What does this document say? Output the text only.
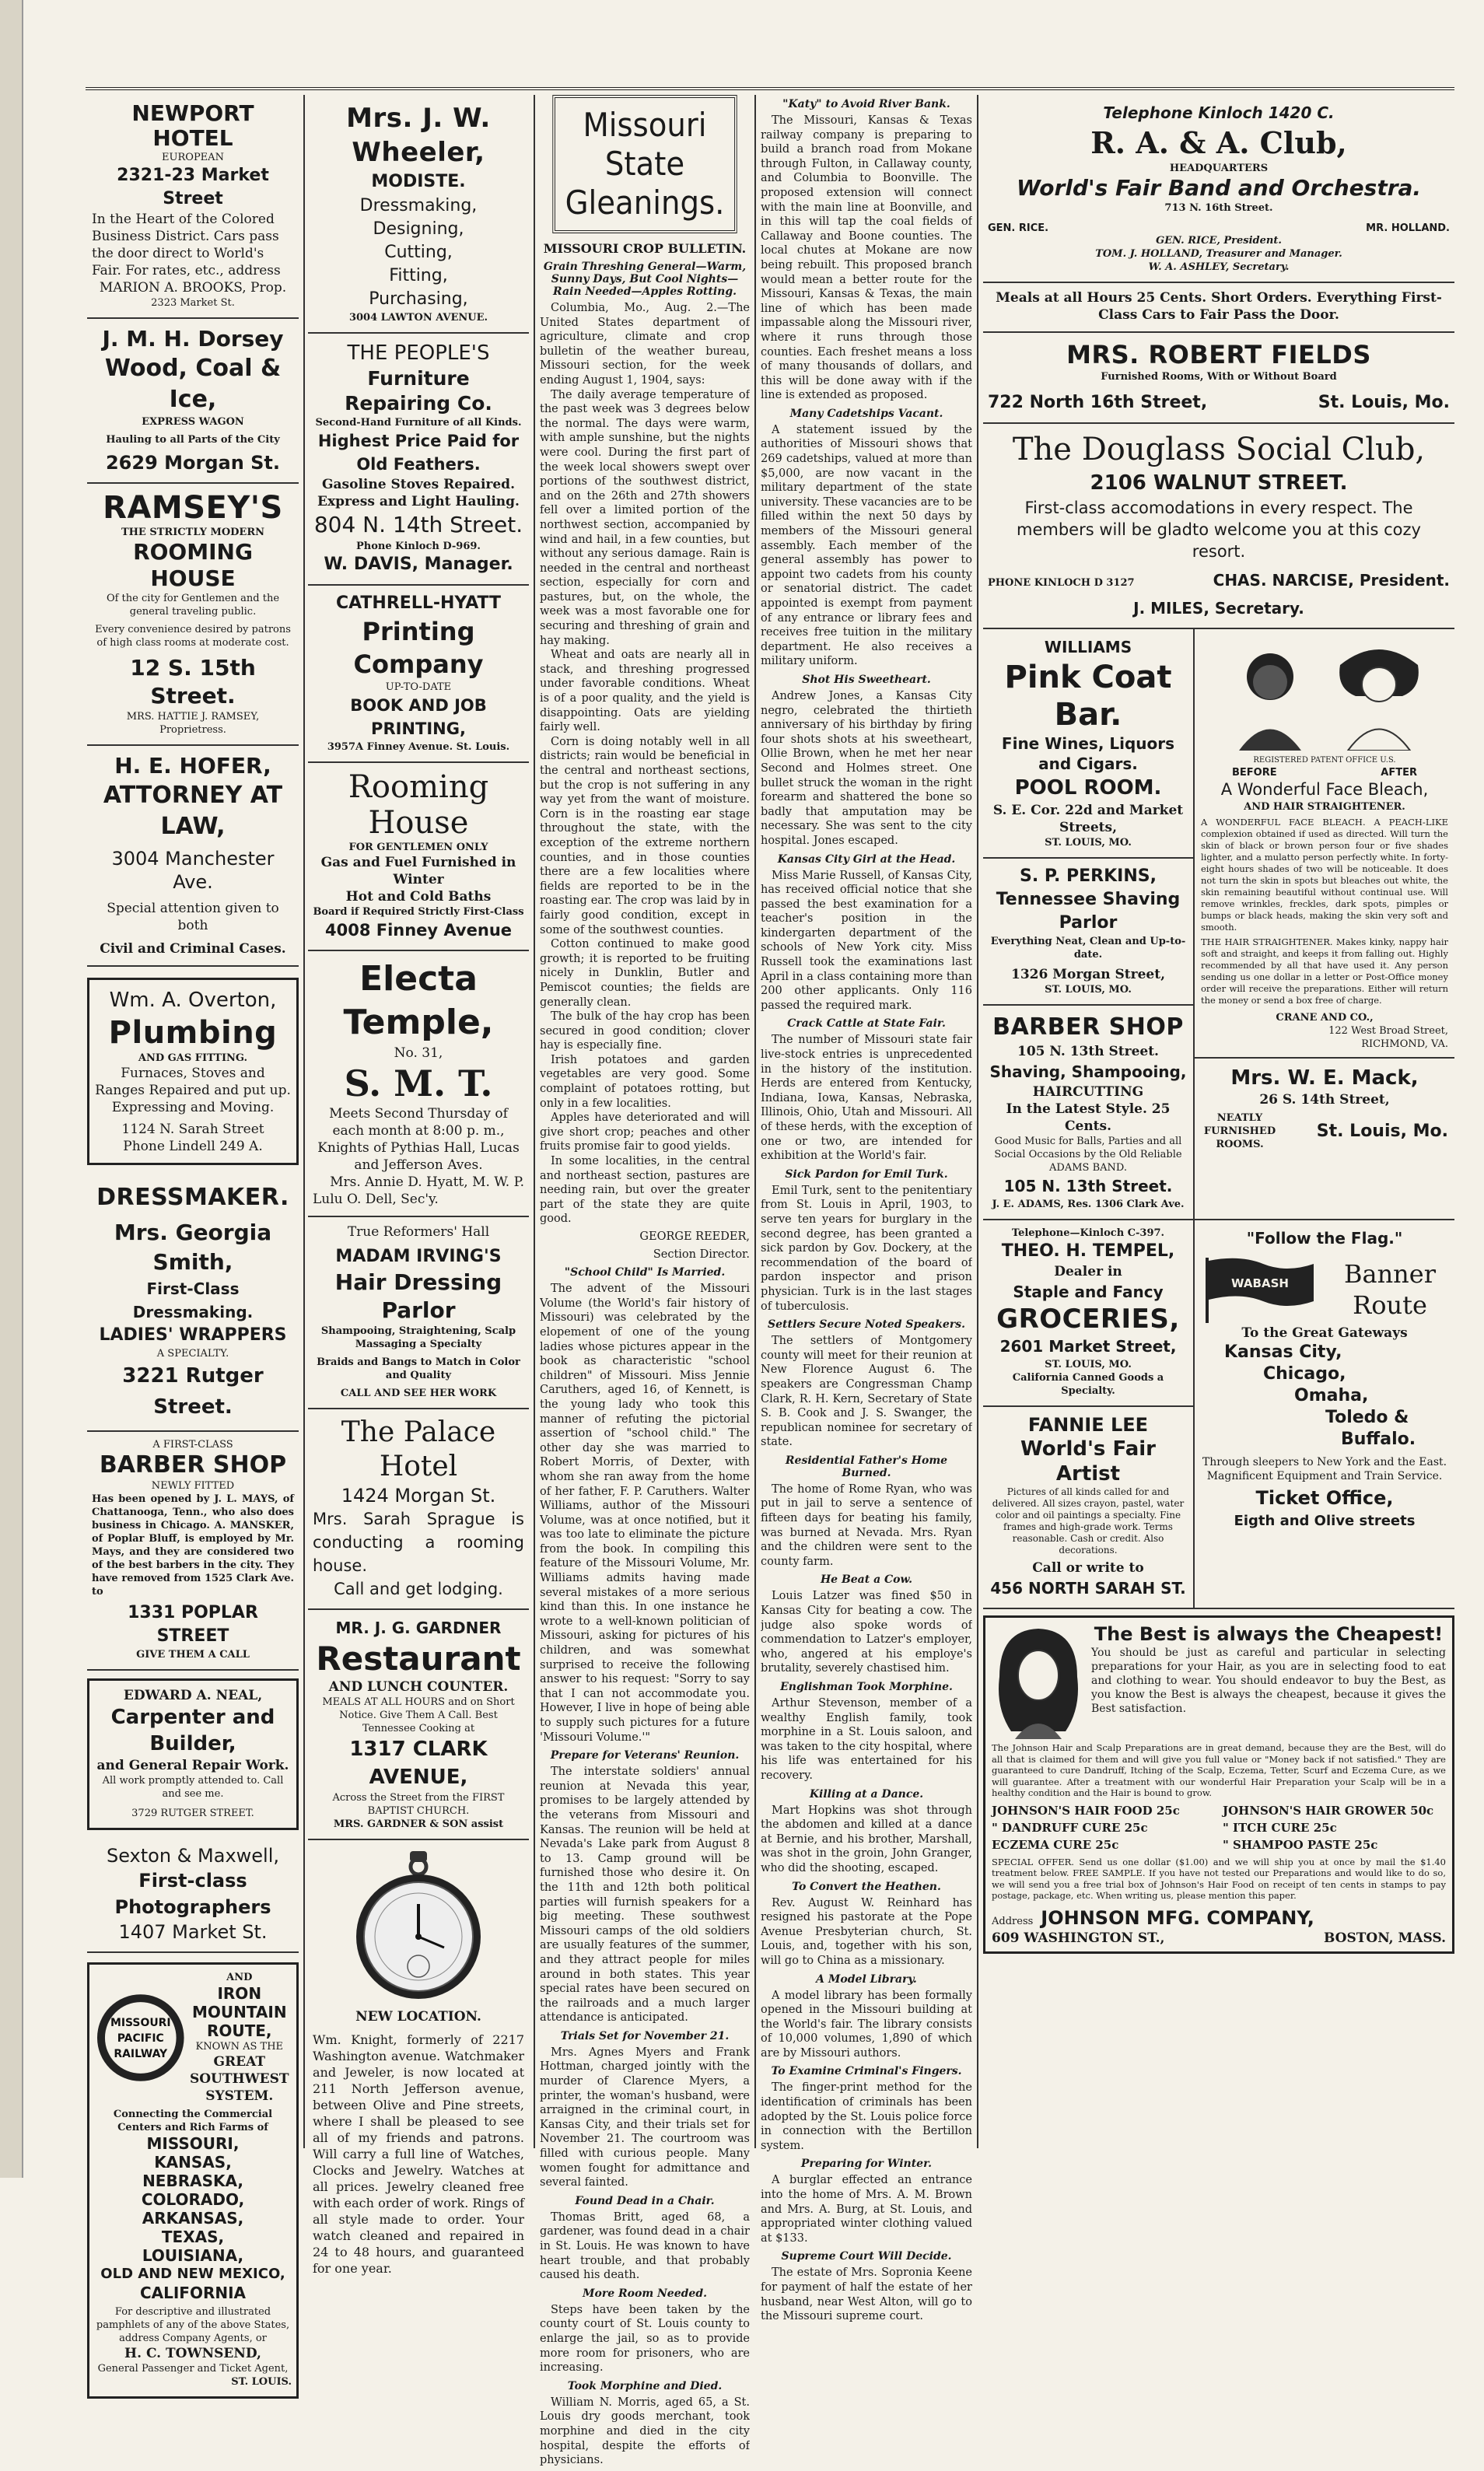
NEWPORT HOTEL
EUROPEAN
2321-23 Market Street
In the Heart of the Colored Business District. Cars pass the door direct to World's Fair. For rates, etc., address
MARION A. BROOKS, Prop.
2323 Market St.
J. M. H. Dorsey
Wood, Coal & Ice,
EXPRESS WAGON
Hauling to all Parts of the City
2629 Morgan St.
RAMSEY'S
THE STRICTLY MODERN
ROOMING HOUSE
Of the city for Gentlemen and the general traveling public.
Every convenience desired by patrons of high class rooms at moderate cost.
12 S. 15th Street.
MRS. HATTIE J. RAMSEY, Proprietress.
H. E. HOFER,
ATTORNEY AT LAW,
3004 Manchester Ave.
Special attention given to both
Civil and Criminal Cases.
Wm. A. Overton,
Plumbing
AND GAS FITTING.
Furnaces, Stoves and Ranges Repaired and put up. Expressing and Moving.
1124 N. Sarah Street
Phone Lindell 249 A.
DRESSMAKER.
Mrs. Georgia Smith,
First-Class Dressmaking.
LADIES' WRAPPERS
A SPECIALTY.
3221 Rutger Street.
A FIRST-CLASS
BARBER SHOP
NEWLY FITTED
Has been opened by J. L. MAYS, of Chattanooga, Tenn., who also does business in Chicago. A. MANSKER, of Poplar Bluff, is employed by Mr. Mays, and they are considered two of the best barbers in the city. They have removed from 1525 Clark Ave. to
1331 POPLAR STREET
GIVE THEM A CALL
EDWARD A. NEAL,
Carpenter and Builder,
and General Repair Work.
All work promptly attended to. Call and see me.
3729 RUTGER STREET.
Sexton & Maxwell,
First-class Photographers
1407 Market St.
MISSOURI
PACIFIC
RAILWAY
AND
IRON MOUNTAIN ROUTE,
KNOWN AS THE
GREAT SOUTHWEST SYSTEM.
Connecting the Commercial Centers and Rich Farms of
MISSOURI,
KANSAS,
NEBRASKA,
COLORADO,
ARKANSAS,
TEXAS,
LOUISIANA,
OLD AND NEW MEXICO,
CALIFORNIA
For descriptive and illustrated pamphlets of any of the above States, address Company Agents, or
H. C. TOWNSEND,
General Passenger and Ticket Agent,
ST. LOUIS.
Mrs. J. W. Wheeler,
MODISTE.
Dressmaking,
Designing,
Cutting,
Fitting,
Purchasing,
3004 LAWTON AVENUE.
THE PEOPLE'S
Furniture Repairing Co.
Second-Hand Furniture of all Kinds.
Highest Price Paid for Old Feathers.
Gasoline Stoves Repaired.
Express and Light Hauling.
804 N. 14th Street.
Phone Kinloch D-969.
W. DAVIS, Manager.
CATHRELL-HYATT
Printing Company
UP-TO-DATE
BOOK AND JOB PRINTING,
3957A Finney Avenue. St. Louis.
Rooming House
FOR GENTLEMEN ONLY
Gas and Fuel Furnished in Winter
Hot and Cold Baths
Board if Required Strictly First-Class
4008 Finney Avenue
Electa Temple,
No. 31,
S. M. T.
Meets Second Thursday of each month at 8:00 p. m., Knights of Pythias Hall, Lucas and Jefferson Aves.
Mrs. Annie D. Hyatt, M. W. P.
Lulu O. Dell, Sec'y.
True Reformers' Hall
MADAM IRVING'S
Hair Dressing Parlor
Shampooing, Straightening, Scalp Massaging a Specialty
Braids and Bangs to Match in Color and Quality
CALL AND SEE HER WORK
The Palace Hotel
1424 Morgan St.
Mrs. Sarah Sprague is conducting a rooming house.
Call and get lodging.
MR. J. G. GARDNER
Restaurant
AND LUNCH COUNTER.
MEALS AT ALL HOURS and on Short Notice. Give Them A Call. Best Tennessee Cooking at
1317 CLARK AVENUE,
Across the Street from the FIRST BAPTIST CHURCH.
MRS. GARDNER & SON assist
NEW LOCATION.
Wm. Knight, formerly of 2217 Washington avenue. Watchmaker and Jeweler, is now located at 211 North Jefferson avenue, between Olive and Pine streets, where I shall be pleased to see all of my friends and patrons. Will carry a full line of Watches, Clocks and Jewelry. Watches at all prices. Jewelry cleaned free with each order of work. Rings of all style made to order. Your watch cleaned and repaired in 24 to 48 hours, and guaranteed for one year.
Missouri State Gleanings.
MISSOURI CROP BULLETIN.
Grain Threshing General—Warm, Sunny Days, But Cool Nights—Rain Needed—Apples Rotting.

Columbia, Mo., Aug. 2.—The United States department of agriculture, climate and crop bulletin of the weather bureau, Missouri section, for the week ending August 1, 1904, says:

The daily average temperature of the past week was 3 degrees below the normal. The days were warm, with ample sunshine, but the nights were cool. During the first part of the week local showers swept over portions of the southwest district, and on the 26th and 27th showers fell over a limited portion of the northwest section, accompanied by wind and hail, in a few counties, but without any serious damage. Rain is needed in the central and northeast section, especially for corn and pastures, but, on the whole, the week was a most favorable one for securing and threshing of grain and hay making.

Wheat and oats are nearly all in stack, and threshing progressed under favorable conditions. Wheat is of a poor quality, and the yield is disappointing. Oats are yielding fairly well.

Corn is doing notably well in all districts; rain would be beneficial in the central and northeast sections, but the crop is not suffering in any way yet from the want of moisture. Corn is in the roasting ear stage throughout the state, with the exception of the extreme northern counties, and in those counties there are a few localities where fields are reported to be in the roasting ear. The crop was laid by in fairly good condition, except in some of the southwest counties.

Cotton continued to make good growth; it is reported to be fruiting nicely in Dunklin, Butler and Pemiscot counties; the fields are generally clean.

The bulk of the hay crop has been secured in good condition; clover hay is especially fine.

Irish potatoes and garden vegetables are very good. Some complaint of potatoes rotting, but only in a few localities.

Apples have deteriorated and will give short crop; peaches and other fruits promise fair to good yields.

In some localities, in the central and northeast section, pastures are needing rain, but over the greater part of the state they are quite good.

GEORGE REEDER,
Section Director.
"School Child" Is Married.

The advent of the Missouri Volume (the World's fair history of Missouri) was celebrated by the elopement of one of the young ladies whose pictures appear in the book as characteristic "school children" of Missouri. Miss Jennie Caruthers, aged 16, of Kennett, is the young lady who took this manner of refuting the pictorial assertion of "school child." The other day she was married to Robert Morris, of Dexter, with whom she ran away from the home of her father, F. P. Caruthers. Walter Williams, author of the Missouri Volume, was at once notified, but it was too late to eliminate the picture from the book. In compiling this feature of the Missouri Volume, Mr. Williams admits having made several mistakes of a more serious kind than this. In one instance he wrote to a well-known politician of Missouri, asking for pictures of his children, and was somewhat surprised to receive the following answer to his request: "Sorry to say that I can not accommodate you. However, I live in hope of being able to supply such pictures for a future 'Missouri Volume.'"

Prepare for Veterans' Reunion.

The interstate soldiers' annual reunion at Nevada this year, promises to be largely attended by the veterans from Missouri and Kansas. The reunion will be held at Nevada's Lake park from August 8 to 13. Camp ground will be furnished those who desire it. On the 11th and 12th both political parties will furnish speakers for a big meeting. These southwest Missouri camps of the old soldiers are usually features of the summer, and they attract people for miles around in both states. This year special rates have been secured on the railroads and a much larger attendance is anticipated.

Trials Set for November 21.

Mrs. Agnes Myers and Frank Hottman, charged jointly with the murder of Clarence Myers, a printer, the woman's husband, were arraigned in the criminal court, in Kansas City, and their trials set for November 21. The courtroom was filled with curious people. Many women fought for admittance and several fainted.

Found Dead in a Chair.

Thomas Britt, aged 68, a gardener, was found dead in a chair in St. Louis. He was known to have heart trouble, and that probably caused his death.

More Room Needed.

Steps have been taken by the county court of St. Louis county to enlarge the jail, so as to provide more room for prisoners, who are increasing.

Took Morphine and Died.

William N. Morris, aged 65, a St. Louis dry goods merchant, took morphine and died in the city hospital, despite the efforts of physicians.

"Katy" to Avoid River Bank.

The Missouri, Kansas & Texas railway company is preparing to build a branch road from Mokane through Fulton, in Callaway county, and Columbia to Boonville. The proposed extension will connect with the main line at Boonville, and in this will tap the coal fields of Callaway and Boone counties. The local chutes at Mokane are now being rebuilt. This proposed branch would mean a better route for the Missouri, Kansas & Texas, the main line of which has been made impassable along the Missouri river, where it runs through those counties. Each freshet means a loss of many thousands of dollars, and this will be done away with if the line is extended as proposed.

Many Cadetships Vacant.

A statement issued by the authorities of Missouri shows that 269 cadetships, valued at more than $5,000, are now vacant in the military department of the state university. These vacancies are to be filled within the next 50 days by members of the Missouri general assembly. Each member of the general assembly has power to appoint two cadets from his county or senatorial district. The cadet appointed is exempt from payment of any entrance or library fees and receives free tuition in the military department. He also receives a military uniform.

Shot His Sweetheart.

Andrew Jones, a Kansas City negro, celebrated the thirtieth anniversary of his birthday by firing four shots shots at his sweetheart, Ollie Brown, when he met her near Second and Holmes street. One bullet struck the woman in the right forearm and shattered the bone so badly that amputation may be necessary. She was sent to the city hospital. Jones escaped.

Kansas City Girl at the Head.

Miss Marie Russell, of Kansas City, has received official notice that she passed the best examination for a teacher's position in the kindergarten department of the schools of New York city. Miss Russell took the examinations last April in a class containing more than 200 other applicants. Only 116 passed the required mark.

Crack Cattle at State Fair.

The number of Missouri state fair live-stock entries is unprecedented in the history of the institution. Herds are entered from Kentucky, Indiana, Iowa, Kansas, Nebraska, Illinois, Ohio, Utah and Missouri. All of these herds, with the exception of one or two, are intended for exhibition at the World's fair.

Sick Pardon for Emil Turk.

Emil Turk, sent to the penitentiary from St. Louis in April, 1903, to serve ten years for burglary in the second degree, has been granted a sick pardon by Gov. Dockery, at the recommendation of the board of pardon inspector and prison physician. Turk is in the last stages of tuberculosis.

Settlers Secure Noted Speakers.

The settlers of Montgomery county will meet for their reunion at New Florence August 6. The speakers are Congressman Champ Clark, R. H. Kern, Secretary of State S. B. Cook and J. S. Swanger, the republican nominee for secretary of state.

Residential Father's Home Burned.

The home of Rome Ryan, who was put in jail to serve a sentence of fifteen days for beating his family, was burned at Nevada. Mrs. Ryan and the children were sent to the county farm.

He Beat a Cow.

Louis Latzer was fined $50 in Kansas City for beating a cow. The judge also spoke words of commendation to Latzer's employer, who, angered at his employe's brutality, severely chastised him.

Englishman Took Morphine.

Arthur Stevenson, member of a wealthy English family, took morphine in a St. Louis saloon, and was taken to the city hospital, where his life was entertained for his recovery.

Killing at a Dance.

Mart Hopkins was shot through the abdomen and killed at a dance at Bernie, and his brother, Marshall, was shot in the groin, John Granger, who did the shooting, escaped.

To Convert the Heathen.

Rev. August W. Reinhard has resigned his pastorate at the Pope Avenue Presbyterian church, St. Louis, and, together with his son, will go to China as a missionary.

A Model Library.

A model library has been formally opened in the Missouri building at the World's fair. The library consists of 10,000 volumes, 1,890 of which are by Missouri authors.

To Examine Criminal's Fingers.

The finger-print method for the identification of criminals has been adopted by the St. Louis police force in connection with the Bertillon system.

Preparing for Winter.

A burglar effected an entrance into the home of Mrs. A. M. Brown and Mrs. A. Burg, at St. Louis, and appropriated winter clothing valued at $133.

Supreme Court Will Decide.

The estate of Mrs. Sopronia Keene for payment of half the estate of her husband, near West Alton, will go to the Missouri supreme court.

Telephone Kinloch 1420 C.
R. A. & A. Club,
HEADQUARTERS
World's Fair Band and Orchestra.
713 N. 16th Street.
GEN. RICE.	MR. HOLLAND.
GEN. RICE, President.
TOM. J. HOLLAND, Treasurer and Manager.
W. A. ASHLEY, Secretary.
Meals at all Hours 25 Cents. Short Orders. Everything First-Class Cars to Fair Pass the Door.
MRS. ROBERT FIELDS
Furnished Rooms, With or Without Board
722 North 16th Street,	St. Louis, Mo.
The Douglass Social Club,
2106 WALNUT STREET.
First-class accomodations in every respect. The members will be gladto welcome you at this cozy resort.
PHONE KINLOCH D 3127	CHAS. NARCISE, President.
J. MILES, Secretary.
WILLIAMS
Pink Coat Bar.
Fine Wines, Liquors and Cigars.
POOL ROOM.
S. E. Cor. 22d and Market Streets,
ST. LOUIS, MO.
S. P. PERKINS,
Tennessee Shaving Parlor
Everything Neat, Clean and Up-to-date.
1326 Morgan Street,
ST. LOUIS, MO.
BARBER SHOP
105 N. 13th Street.
Shaving, Shampooing,
HAIRCUTTING
In the Latest Style. 25 Cents.
Good Music for Balls, Parties and all Social Occasions by the Old Reliable ADAMS BAND.
105 N. 13th Street.
J. E. ADAMS, Res. 1306 Clark Ave.
REGISTERED PATENT OFFICE U.S.
BEFORE	AFTER
A Wonderful Face Bleach,
AND HAIR STRAIGHTENER.
A WONDERFUL FACE BLEACH. A PEACH-LIKE complexion obtained if used as directed. Will turn the skin of black or brown person four or five shades lighter, and a mulatto person perfectly white. In forty-eight hours shades of two will be noticeable. It does not turn the skin in spots but bleaches out white, the skin remaining beautiful without continual use. Will remove wrinkles, freckles, dark spots, pimples or bumps or black heads, making the skin very soft and smooth.
THE HAIR STRAIGHTENER. Makes kinky, nappy hair soft and straight, and keeps it from falling out. Highly recommended by all that have used it. Any person sending us one dollar in a letter or Post-Office money order will receive the preparations. Either will return the money or send a box free of charge.
CRANE AND CO.,
122 West Broad Street,
RICHMOND, VA.
Mrs. W. E. Mack,
26 S. 14th Street,
NEATLY FURNISHED ROOMS.
St. Louis, Mo.
Telephone—Kinloch C-397.
THEO. H. TEMPEL,
Dealer in
Staple and Fancy
GROCERIES,
2601 Market Street,
ST. LOUIS, MO.
California Canned Goods a Specialty.
FANNIE LEE
World's Fair Artist
Pictures of all kinds called for and delivered. All sizes crayon, pastel, water color and oil paintings a specialty. Fine frames and high-grade work. Terms reasonable. Cash or credit. Also decorations.
Call or write to
456 NORTH SARAH ST.
"Follow the Flag."
WABASH	Banner Route
To the Great Gateways
Kansas City,
Chicago,
Omaha,
Toledo &
Buffalo.
Through sleepers to New York and the East. Magnificent Equipment and Train Service.
Ticket Office,
Eigth and Olive streets
The Best is always the Cheapest!
You should be just as careful and particular in selecting preparations for your Hair, as you are in selecting food to eat and clothing to wear. You should endeavor to buy the Best, as you know the Best is always the cheapest, because it gives the Best satisfaction.
The Johnson Hair and Scalp Preparations are in great demand, because they are the Best, will do all that is claimed for them and will give you full value or "Money back if not satisfied." They are guaranteed to cure Dandruff, Itching of the Scalp, Eczema, Tetter, Scurf and Eczema Cure, as we will guarantee. After a treatment with our wonderful Hair Preparation your Scalp will be in a healthy condition and the Hair is bound to grow.
JOHNSON'S HAIR FOOD 25c	JOHNSON'S HAIR GROWER 50c
" DANDRUFF CURE 25c	" ITCH CURE 25c
ECZEMA CURE 25c	" SHAMPOO PASTE 25c
SPECIAL OFFER. Send us one dollar ($1.00) and we will ship you at once by mail the $1.40 treatment below. FREE SAMPLE. If you have not tested our Preparations and would like to do so, we will send you a free trial box of Johnson's Hair Food on receipt of ten cents in stamps to pay postage, package, etc. When writing us, please mention this paper.
Address JOHNSON MFG. COMPANY,
609 WASHINGTON ST.,	BOSTON, MASS.
